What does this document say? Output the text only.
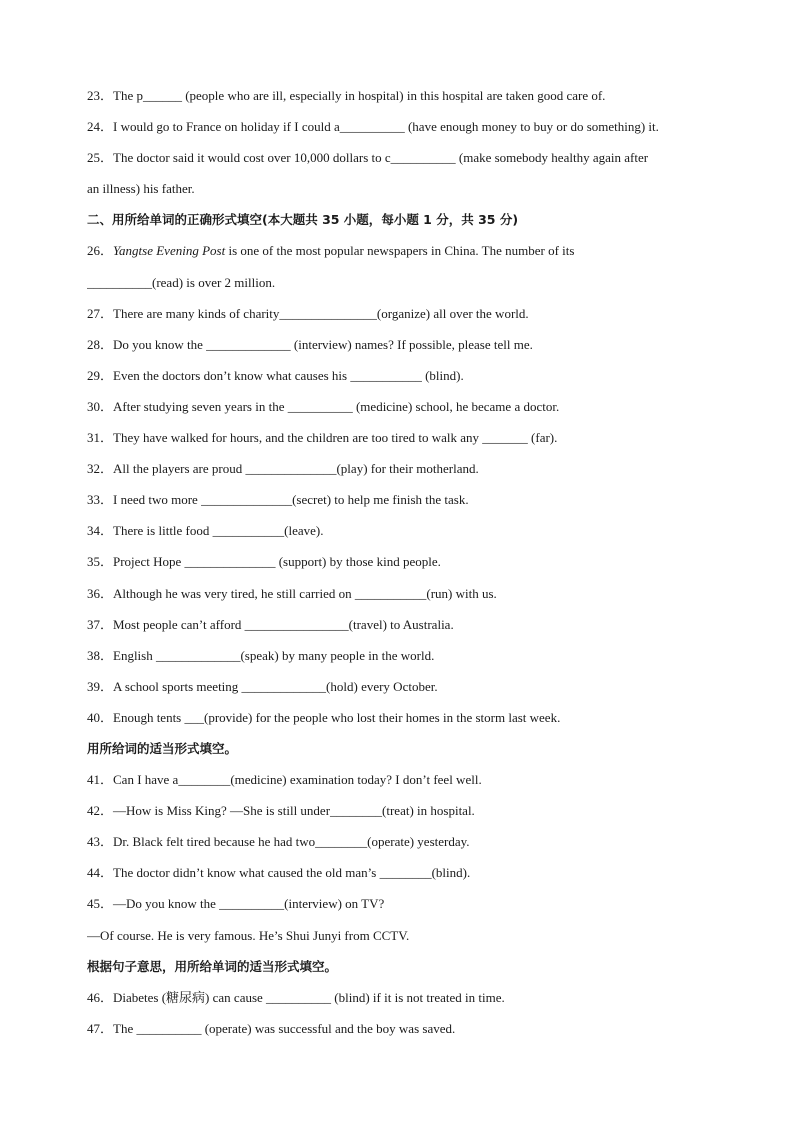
23．The p______ (people who are ill, especially in hospital) in this hospital are taken good care of.
24．I would go to France on holiday if I could a__________ (have enough money to buy or do something) it.
25．The doctor said it would cost over 10,000 dollars to c__________ (make somebody healthy again after
an illness) his father.
二、用所给单词的正确形式填空(本大题共 35 小题，每小题 1 分，共 35 分)
26．Yangtse Evening Post is one of the most popular newspapers in China. The number of its
__________(read) is over 2 million.
27．There are many kinds of charity_______________(organize) all over the world.
28．Do you know the _____________ (interview) names? If possible, please tell me.
29．Even the doctors don’t know what causes his ___________ (blind).
30．After studying seven years in the __________ (medicine) school, he became a doctor.
31．They have walked for hours, and the children are too tired to walk any _______ (far).
32．All the players are proud ______________(play) for their motherland.
33．I need two more ______________(secret) to help me finish the task.
34．There is little food ___________(leave).
35．Project Hope ______________ (support) by those kind people.
36．Although he was very tired, he still carried on ___________(run) with us.
37．Most people can’t afford ________________(travel) to Australia.
38．English _____________(speak) by many people in the world.
39．A school sports meeting _____________(hold) every October.
40．Enough tents ___(provide) for the people who lost their homes in the storm last week.
用所给词的适当形式填空。
41．Can I have a________(medicine) examination today? I don’t feel well.
42．—How is Miss King? —She is still under________(treat) in hospital.
43．Dr. Black felt tired because he had two________(operate) yesterday.
44．The doctor didn’t know what caused the old man’s ________(blind).
45．—Do you know the __________(interview) on TV?
—Of course. He is very famous. He’s Shui Junyi from CCTV.
根据句子意思，用所给单词的适当形式填空。
46．Diabetes (糖尿病) can cause __________ (blind) if it is not treated in time.
47．The __________ (operate) was successful and the boy was saved.
